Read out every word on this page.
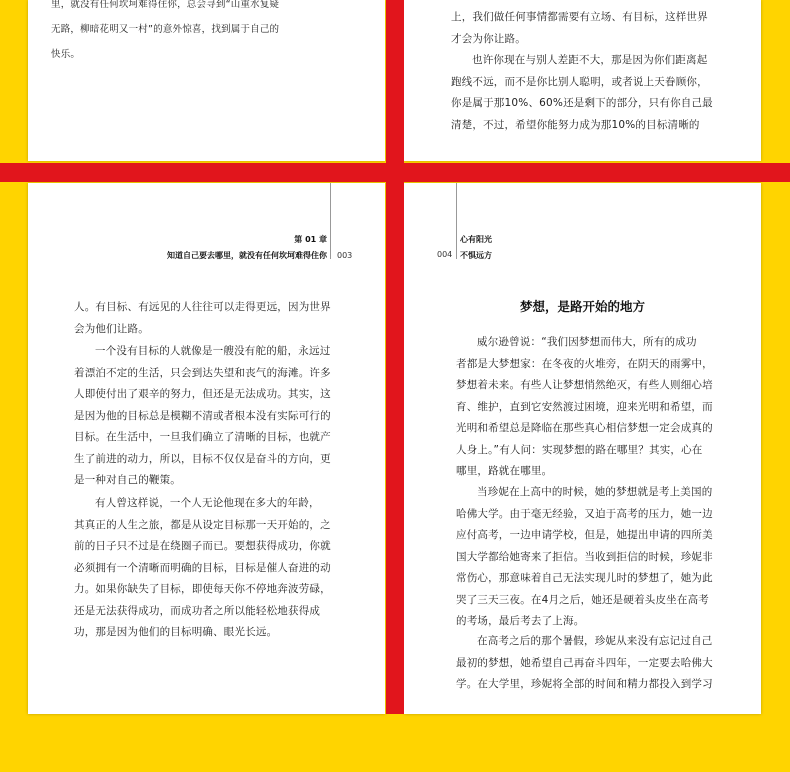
里，就没有任何坎坷难得住你，总会寻到“山重水复疑
无路，柳暗花明又一村”的意外惊喜，找到属于自己的
快乐。
上，我们做任何事情都需要有立场、有目标，这样世界
才会为你让路。
也许你现在与别人差距不大，那是因为你们距离起
跑线不远，而不是你比别人聪明，或者说上天眷顾你，
你是属于那10%、60%还是剩下的部分，只有你自己最
清楚，不过，希望你能努力成为那10%的目标清晰的
第 01 章
知道自己要去哪里，就没有任何坎坷难得住你 003
人。有目标、有远见的人往往可以走得更远，因为世界
会为他们让路。
一个没有目标的人就像是一艘没有舵的船，永远过
着漂泊不定的生活，只会到达失望和丧气的海滩。许多
人即使付出了艰辛的努力，但还是无法成功。其实，这
是因为他的目标总是模糊不清或者根本没有实际可行的
目标。在生活中，一旦我们确立了清晰的目标，也就产
生了前进的动力，所以，目标不仅仅是奋斗的方向，更
是一种对自己的鞭策。
有人曾这样说，一个人无论他现在多大的年龄，
其真正的人生之旅，都是从设定目标那一天开始的，之
前的日子只不过是在绕圈子而已。要想获得成功，你就
必须拥有一个清晰而明确的目标，目标是催人奋进的动
力。如果你缺失了目标，即使每天你不停地奔波劳碌，
还是无法获得成功，而成功者之所以能轻松地获得成
功，那是因为他们的目标明确、眼光长远。
004
心有阳光
不惧远方
梦想，是路开始的地方
威尔逊曾说：“我们因梦想而伟大，所有的成功
者都是大梦想家：在冬夜的火堆旁，在阴天的雨雾中，
梦想着未来。有些人让梦想悄然绝灭，有些人则细心培
育、维护，直到它安然渡过困境，迎来光明和希望，而
光明和希望总是降临在那些真心相信梦想一定会成真的
人身上。”有人问：实现梦想的路在哪里？其实，心在
哪里，路就在哪里。
当珍妮在上高中的时候，她的梦想就是考上美国的
哈佛大学。由于毫无经验，又迫于高考的压力，她一边
应付高考，一边申请学校，但是，她提出申请的四所美
国大学都给她寄来了拒信。当收到拒信的时候，珍妮非
常伤心，那意味着自己无法实现儿时的梦想了，她为此
哭了三天三夜。在4月之后，她还是硬着头皮坐在高考
的考场，最后考去了上海。
在高考之后的那个暑假，珍妮从来没有忘记过自己
最初的梦想，她希望自己再奋斗四年，一定要去哈佛大
学。在大学里，珍妮将全部的时间和精力都投入到学习
